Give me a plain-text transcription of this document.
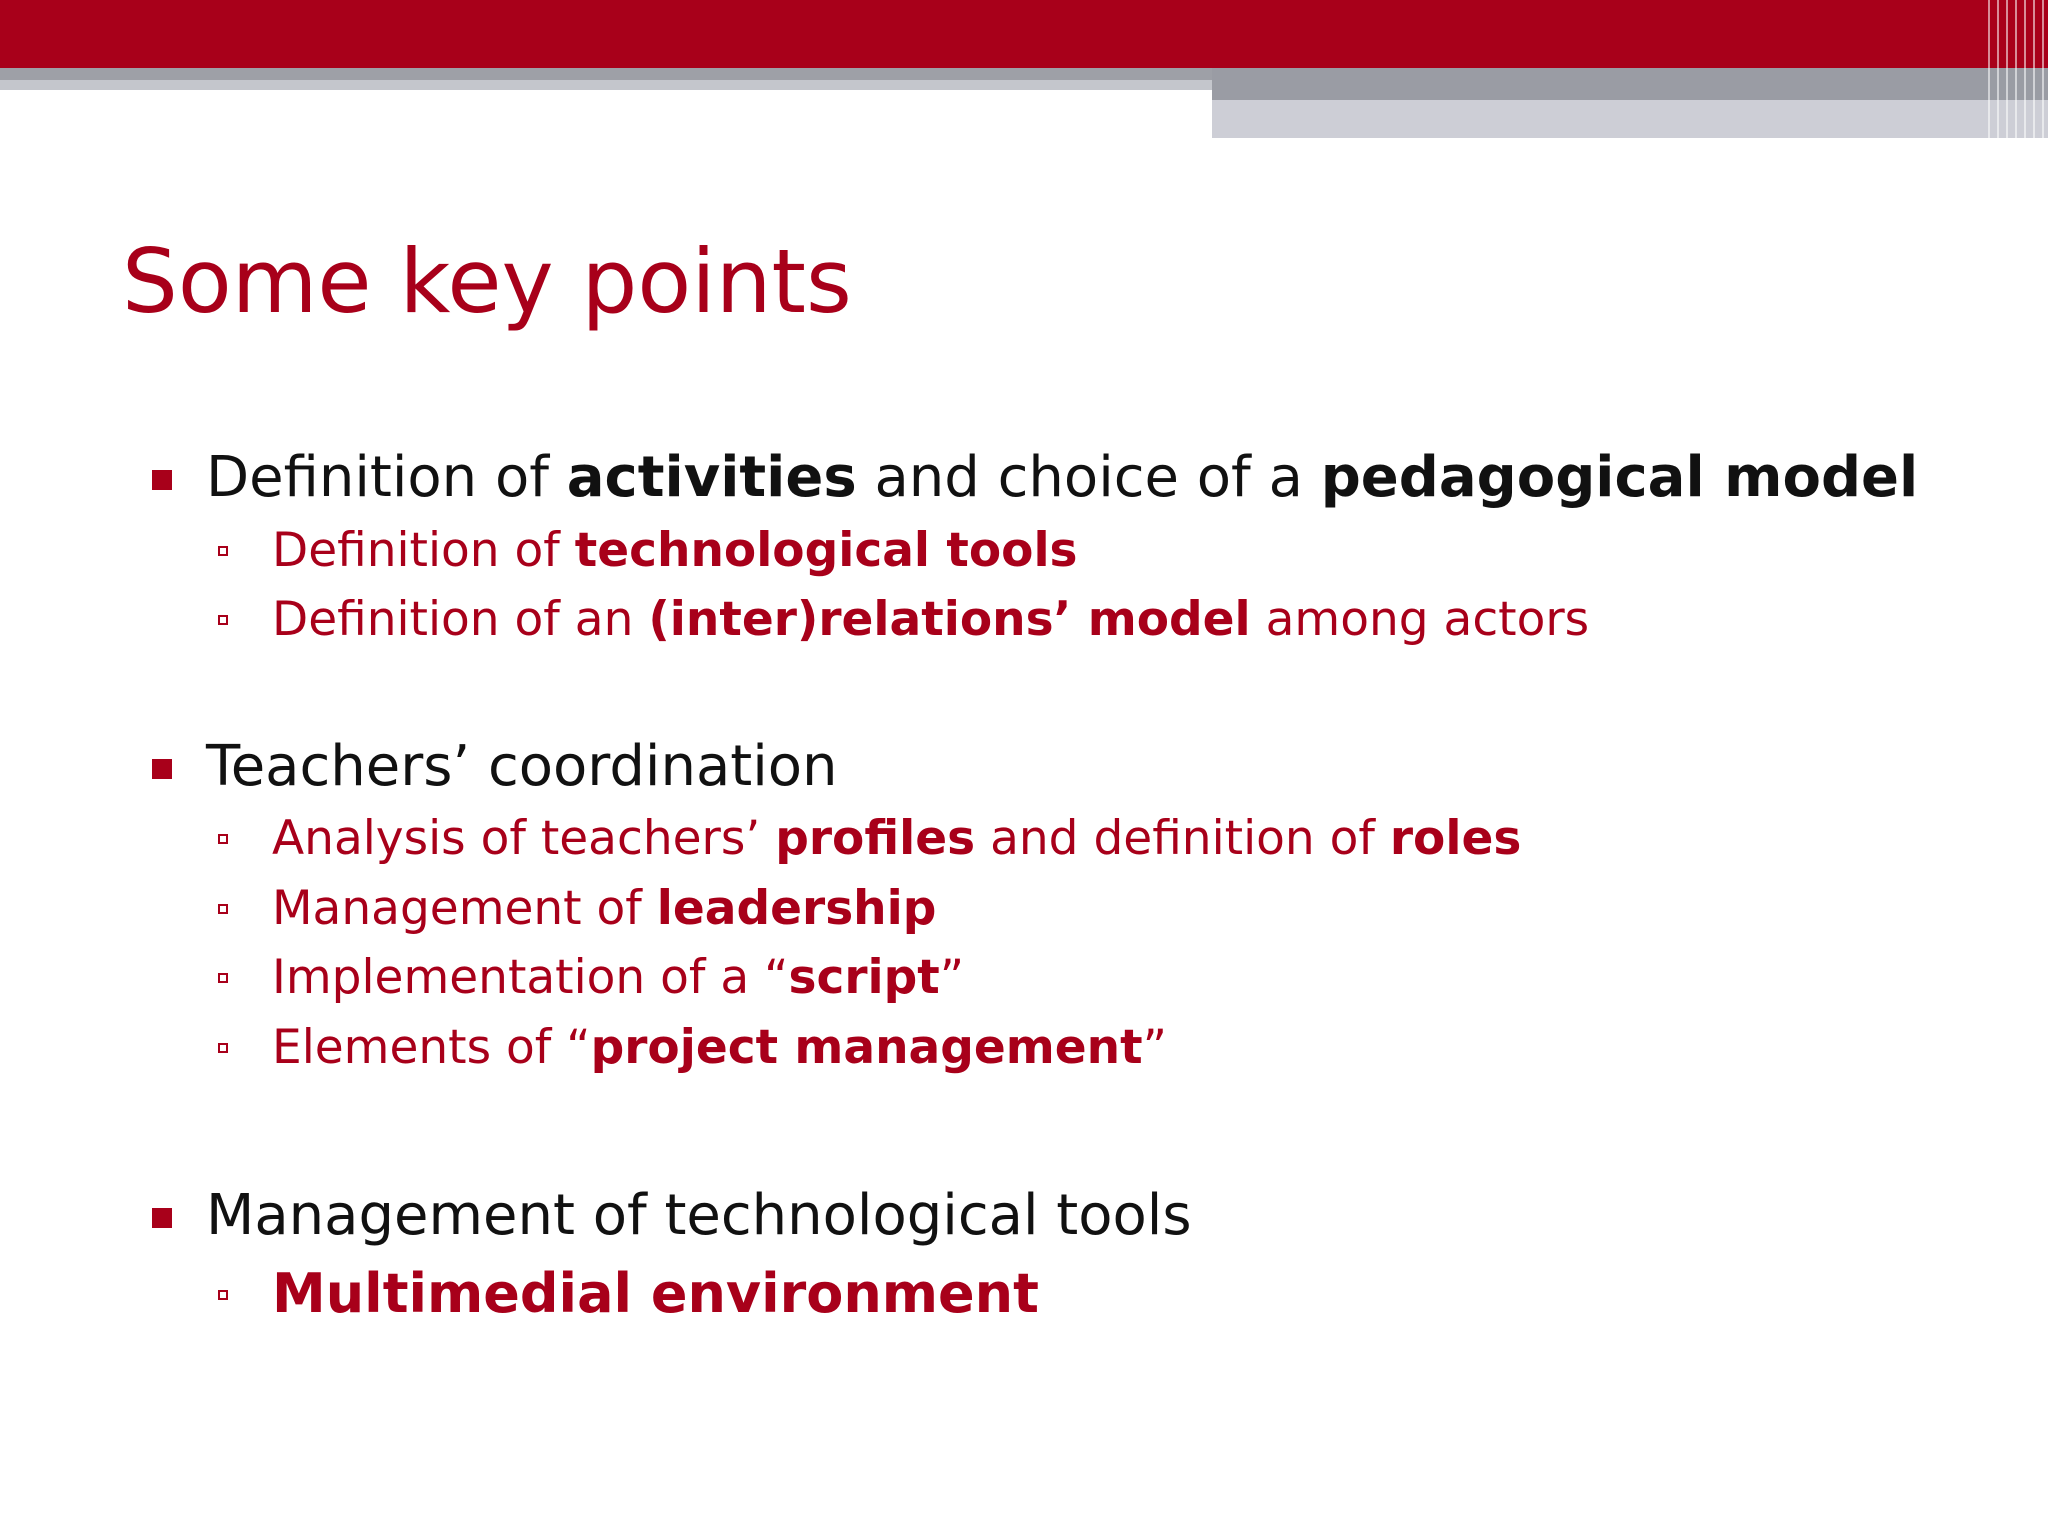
Some key points
Definition of activities and choice of a pedagogical model
Definition of technological tools
Definition of an (inter)relations’ model among actors
Teachers’ coordination
Analysis of teachers’ profiles and definition of roles
Management of leadership
Implementation of a “script”
Elements of “project management”
Management of technological tools
Multimedial environment
